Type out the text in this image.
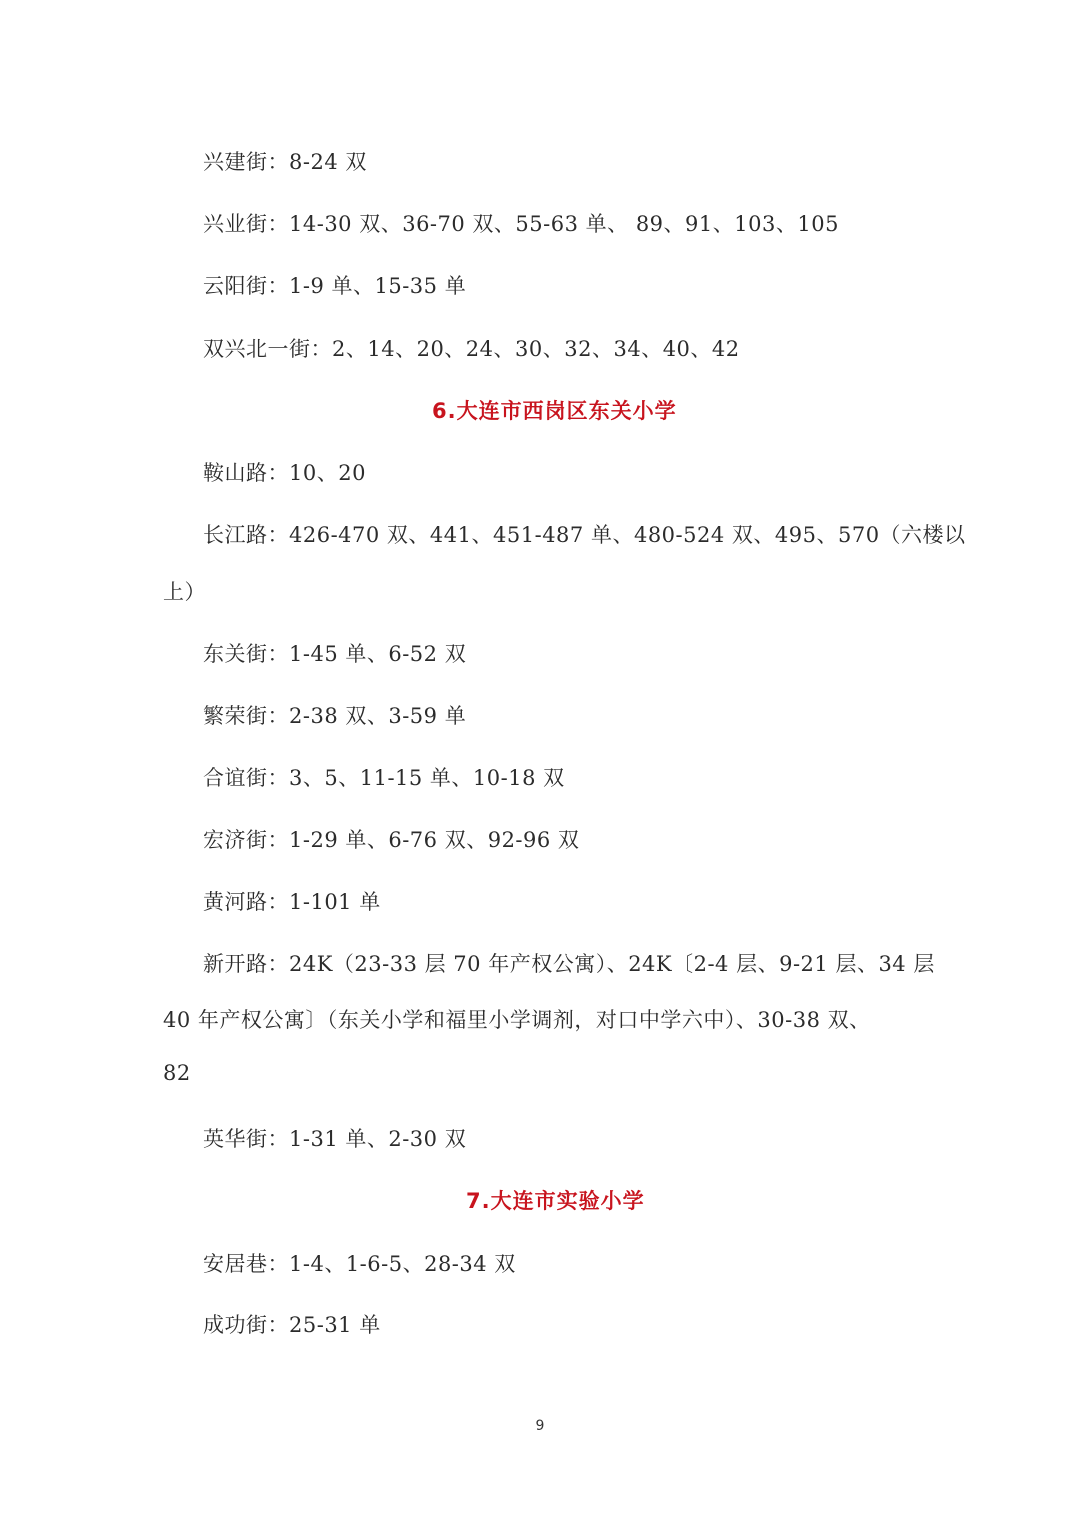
兴建街：8-24 双
兴业街：14-30 双、36-70 双、55-63 单、 89、91、103、105
云阳街：1-9 单、15-35 单
双兴北一街：2、14、20、24、30、32、34、40、42
6.大连市西岗区东关小学
鞍山路：10、20
长江路：426-470 双、441、451-487 单、480-524 双、495、570（六楼以
上）
东关街：1-45 单、6-52 双
繁荣街：2-38 双、3-59 单
合谊街：3、5、11-15 单、10-18 双
宏济街：1-29 单、6-76 双、92-96 双
黄河路：1-101 单
新开路：24K（23-33 层 70 年产权公寓）、24K〔2-4 层、9-21 层、34 层
40 年产权公寓〕（东关小学和福里小学调剂，对口中学六中）、30-38 双、
82
英华街：1-31 单、2-30 双
7.大连市实验小学
安居巷：1-4、1-6-5、28-34 双
成功街：25-31 单
9
